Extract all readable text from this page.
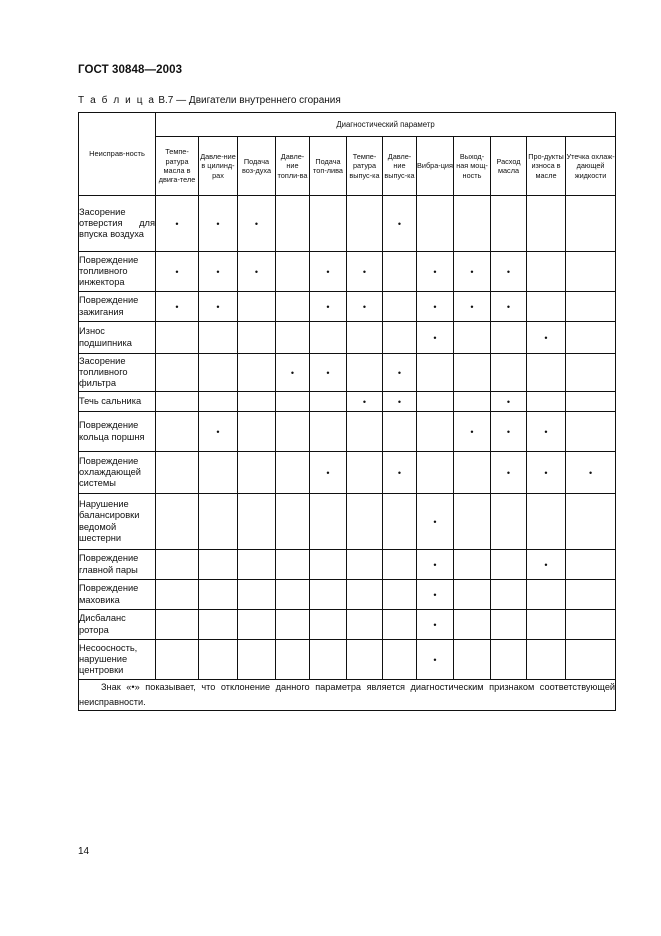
ГОСТ 30848—2003
Т а б л и ц а В.7 — Двигатели внутреннего сгорания
Неисправ-ность	Диагностический параметр											
	Темпе-ратура масла в двига-теле	Давле-ние в цилинд-рах	Подача воз-духа	Давле-ние топли-ва	Подача топ-лива	Темпе-ратура выпус-ка	Давле-ние выпус-ка	Вибра-ция	Выход-ная мощ-ность	Расход масла	Про-дукты износа в масле	Утечка охлаж-дающей жидкости
Засорение отверстия для впуска воздуха	•	•	•				•					
Повреждение топливного инжектора	•	•	•		•	•		•	•	•		
Повреждение зажигания	•	•			•	•		•	•	•		
Износ подшипника								•			•	
Засорение топливного фильтра				•	•		•					
Течь сальника						•	•			•		
Повреждение кольца поршня		•							•	•	•	
Повреждение охлаждающей системы					•		•			•	•	•
Нарушение балансировки ведомой шестерни								•				
Повреждение главной пары								•			•	
Повреждение маховика								•				
Дисбаланс ротора								•				
Несоосность, нарушение центровки								•				
Знак «•» показывает, что отклонение данного параметра является диагностическим признаком соответствующей неисправности.												
14
